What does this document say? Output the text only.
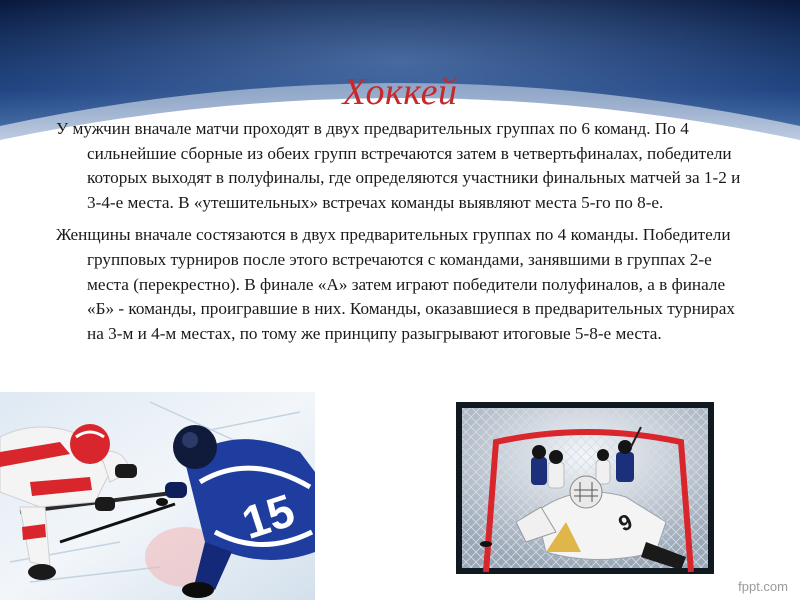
Хоккей

У мужчин вначале матчи проходят в двух предварительных группах по 6 команд. По 4 сильнейшие сборные из обеих групп встречаются затем в четвертьфиналах, победители которых выходят в полуфиналы, где определяются участники финальных матчей за 1-2 и 3-4-е места. В «утешительных» встречах команды выявляют места 5-го по 8-е.

Женщины вначале состязаются в двух предварительных группах по 4 команды. Победители групповых турниров после этого встречаются с командами, занявшими в группах 2-е места (перекрестно). В финале «А» затем играют победители полуфиналов, а в финале «Б» - команды, проигравшие в них. Команды, оказавшиеся в предварительных турнирах на 3-м и 4-м местах, по тому же принципу разыгрывают итоговые 5-8-е места.

15	9
fppt.com
